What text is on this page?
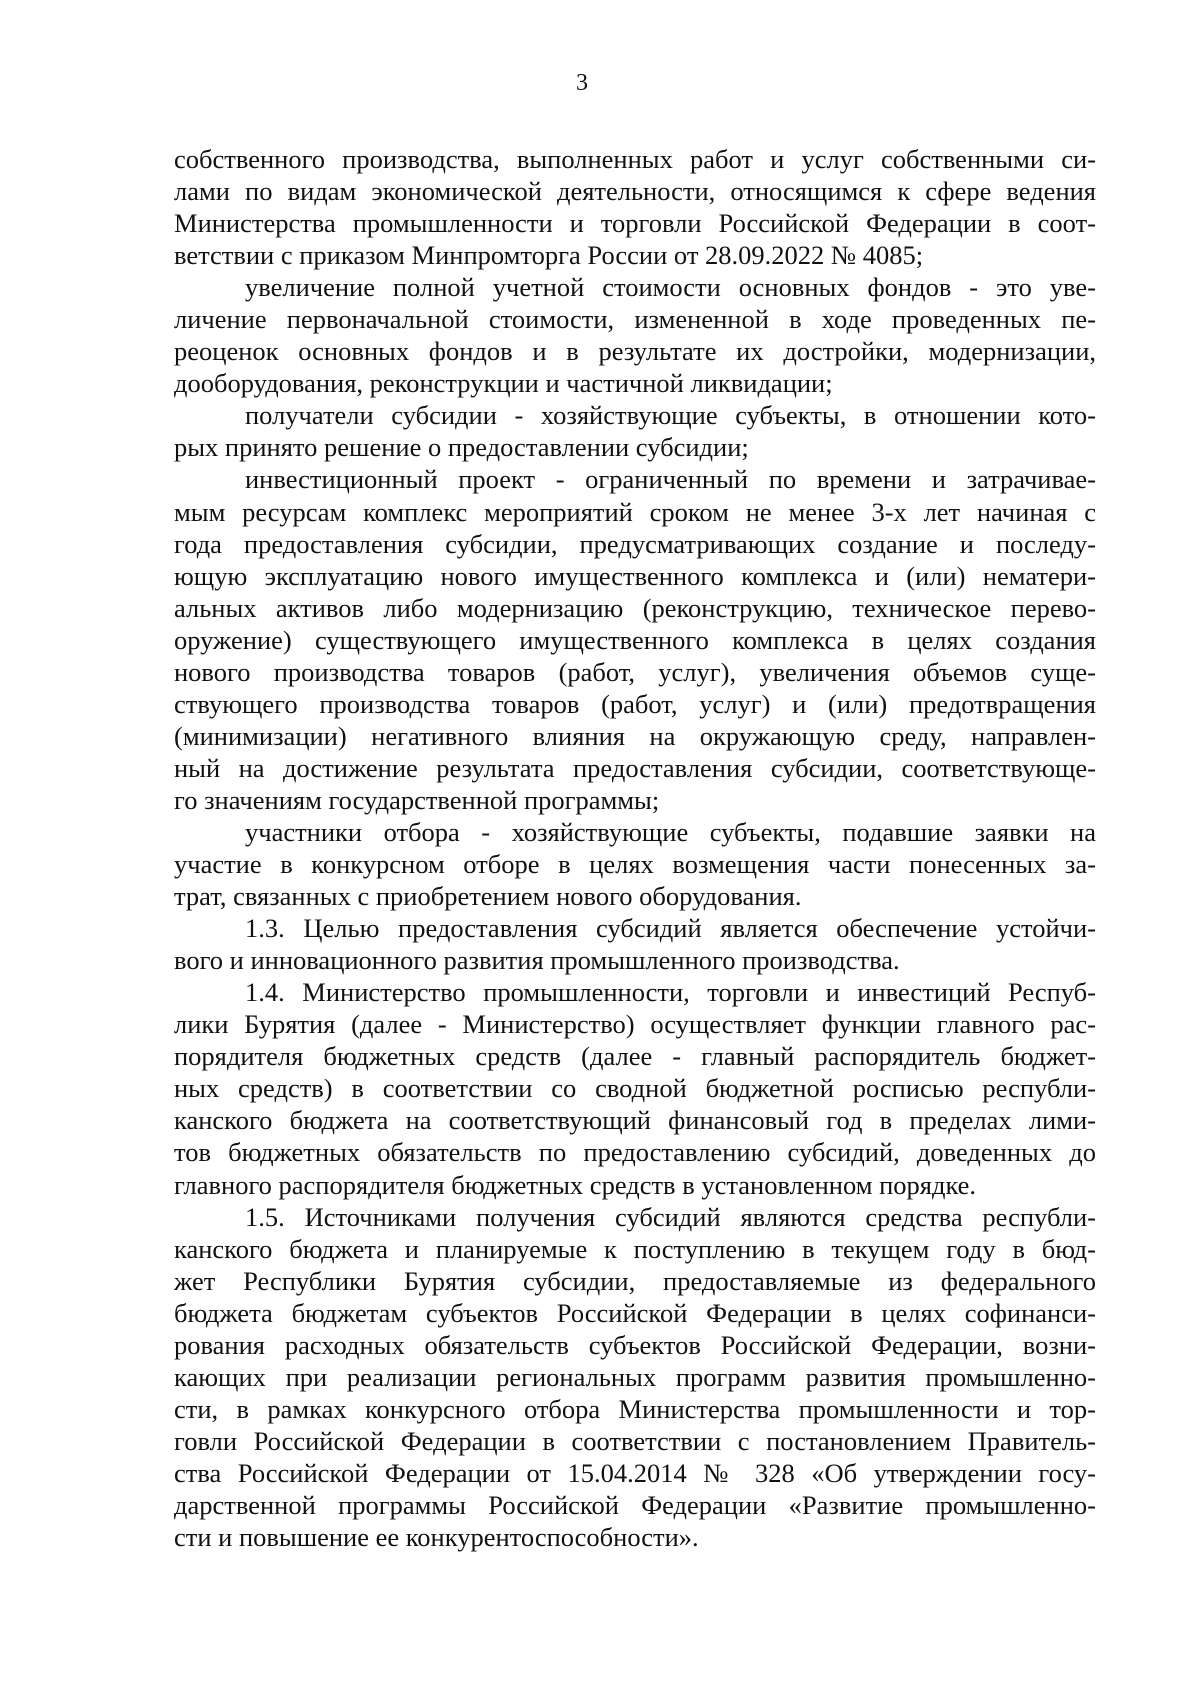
3
собственного производства, выполненных работ и услуг собственными си-
лами по видам экономической деятельности, относящимся к сфере ведения
Министерства промышленности и торговли Российской Федерации в соот-
ветствии с приказом Минпромторга России от 28.09.2022 № 4085;
увеличение полной учетной стоимости основных фондов - это уве-
личение первоначальной стоимости, измененной в ходе проведенных пе-
реоценок основных фондов и в результате их достройки, модернизации,
дооборудования, реконструкции и частичной ликвидации;
получатели субсидии - хозяйствующие субъекты, в отношении кото-
рых принято решение о предоставлении субсидии;
инвестиционный проект - ограниченный по времени и затрачивае-
мым ресурсам комплекс мероприятий сроком не менее 3-х лет начиная с
года предоставления субсидии, предусматривающих создание и последу-
ющую эксплуатацию нового имущественного комплекса и (или) нематери-
альных активов либо модернизацию (реконструкцию, техническое перево-
оружение) существующего имущественного комплекса в целях создания
нового производства товаров (работ, услуг), увеличения объемов суще-
ствующего производства товаров (работ, услуг) и (или) предотвращения
(минимизации) негативного влияния на окружающую среду, направлен-
ный на достижение результата предоставления субсидии, соответствующе-
го значениям государственной программы;
участники отбора - хозяйствующие субъекты, подавшие заявки на
участие в конкурсном отборе в целях возмещения части понесенных за-
трат, связанных с приобретением нового оборудования.
1.3. Целью предоставления субсидий является обеспечение устойчи-
вого и инновационного развития промышленного производства.
1.4. Министерство промышленности, торговли и инвестиций Респуб-
лики Бурятия (далее - Министерство) осуществляет функции главного рас-
порядителя бюджетных средств (далее - главный распорядитель бюджет-
ных средств) в соответствии со сводной бюджетной росписью республи-
канского бюджета на соответствующий финансовый год в пределах лими-
тов бюджетных обязательств по предоставлению субсидий, доведенных до
главного распорядителя бюджетных средств в установленном порядке.
1.5. Источниками получения субсидий являются средства республи-
канского бюджета и планируемые к поступлению в текущем году в бюд-
жет Республики Бурятия субсидии, предоставляемые из федерального
бюджета бюджетам субъектов Российской Федерации в целях софинанси-
рования расходных обязательств субъектов Российской Федерации, возни-
кающих при реализации региональных программ развития промышленно-
сти, в рамках конкурсного отбора Министерства промышленности и тор-
говли Российской Федерации в соответствии с постановлением Правитель-
ства Российской Федерации от 15.04.2014 № 328 «Об утверждении госу-
дарственной программы Российской Федерации «Развитие промышленно-
сти и повышение ее конкурентоспособности».
